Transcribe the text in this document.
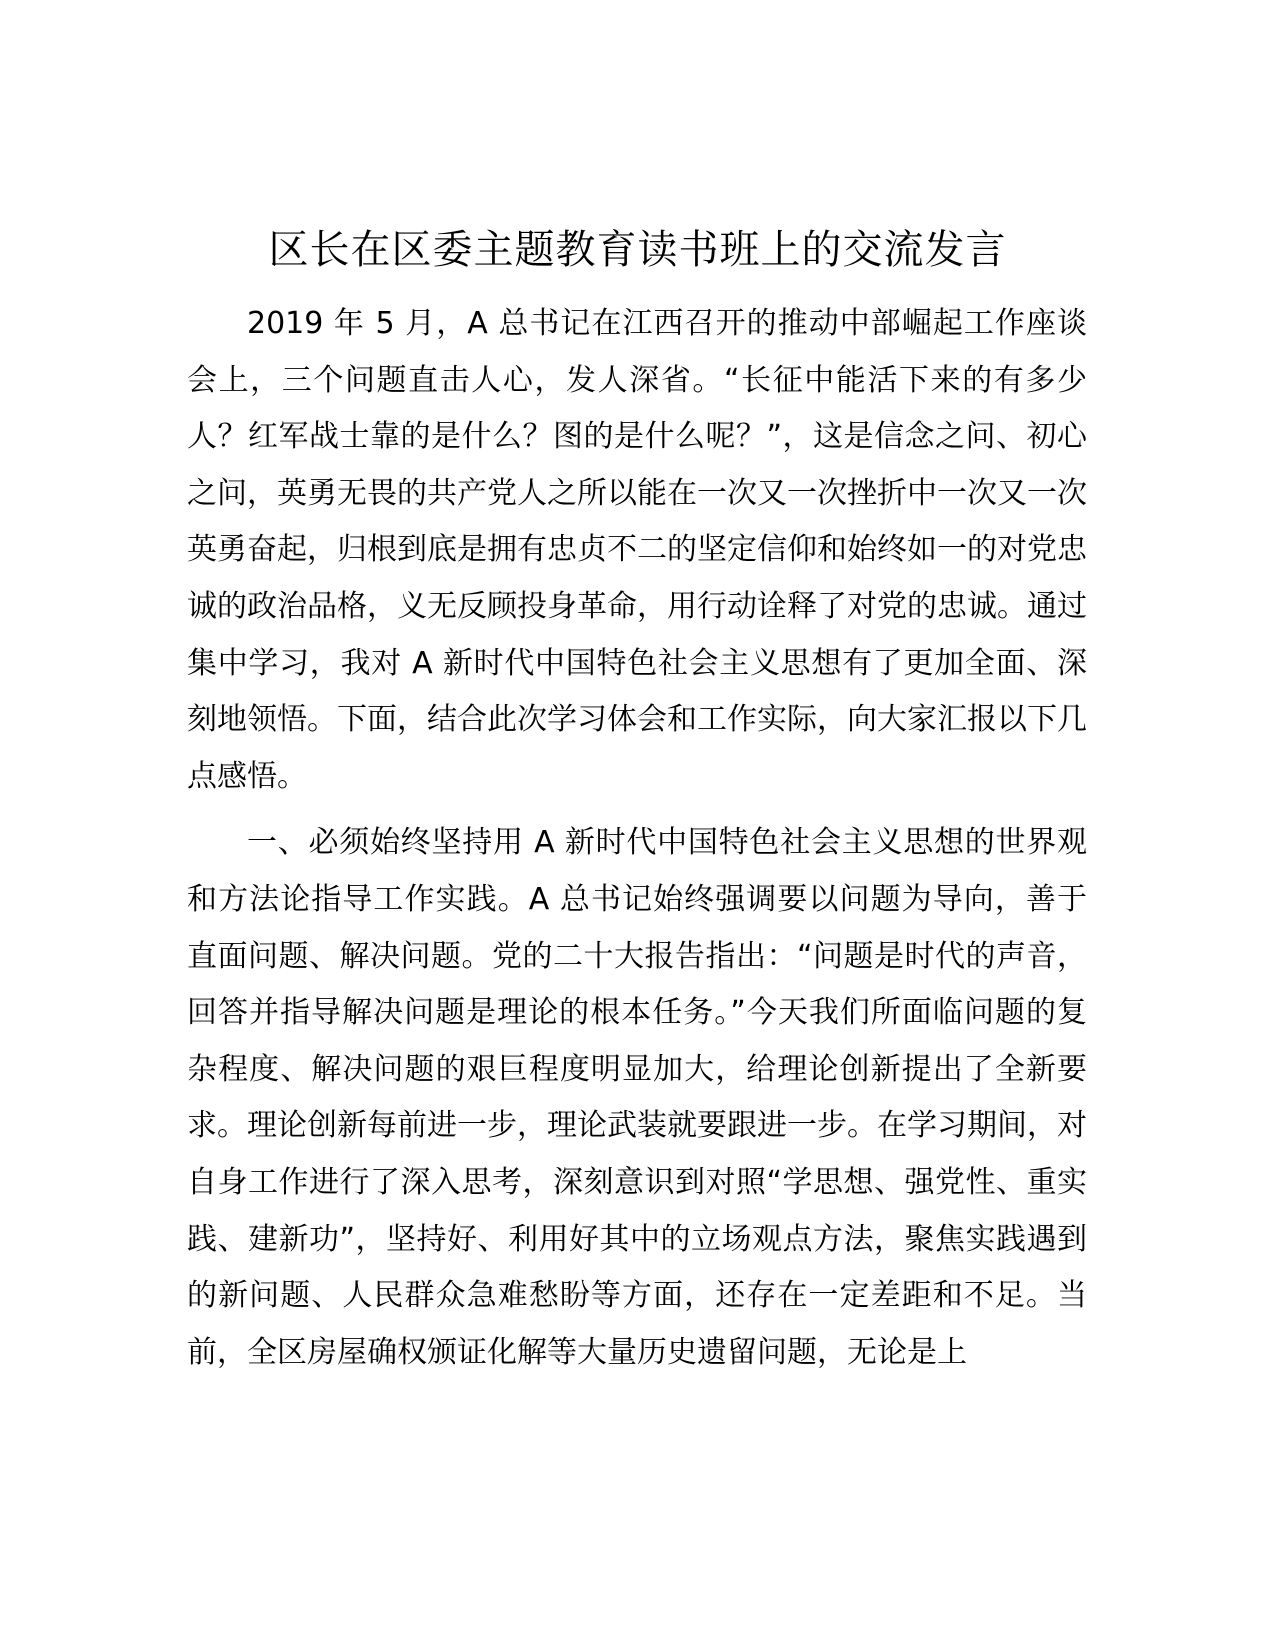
区长在区委主题教育读书班上的交流发言

2019 年 5 月，A 总书记在江西召开的推动中部崛起工作座谈会上，三个问题直击人心，发人深省。“长征中能活下来的有多少人？红军战士靠的是什么？图的是什么呢？”，这是信念之问、初心之问，英勇无畏的共产党人之所以能在一次又一次挫折中一次又一次英勇奋起，归根到底是拥有忠贞不二的坚定信仰和始终如一的对党忠诚的政治品格，义无反顾投身革命，用行动诠释了对党的忠诚。通过集中学习，我对 A 新时代中国特色社会主义思想有了更加全面、深刻地领悟。下面，结合此次学习体会和工作实际，向大家汇报以下几点感悟。

一、必须始终坚持用 A 新时代中国特色社会主义思想的世界观和方法论指导工作实践。A 总书记始终强调要以问题为导向，善于直面问题、解决问题。党的二十大报告指出：“问题是时代的声音，回答并指导解决问题是理论的根本任务。”今天我们所面临问题的复杂程度、解决问题的艰巨程度明显加大，给理论创新提出了全新要求。理论创新每前进一步，理论武装就要跟进一步。在学习期间，对自身工作进行了深入思考，深刻意识到对照“学思想、强党性、重实践、建新功”，坚持好、利用好其中的立场观点方法，聚焦实践遇到的新问题、人民群众急难愁盼等方面，还存在一定差距和不足。当前，全区房屋确权颁证化解等大量历史遗留问题，无论是上
